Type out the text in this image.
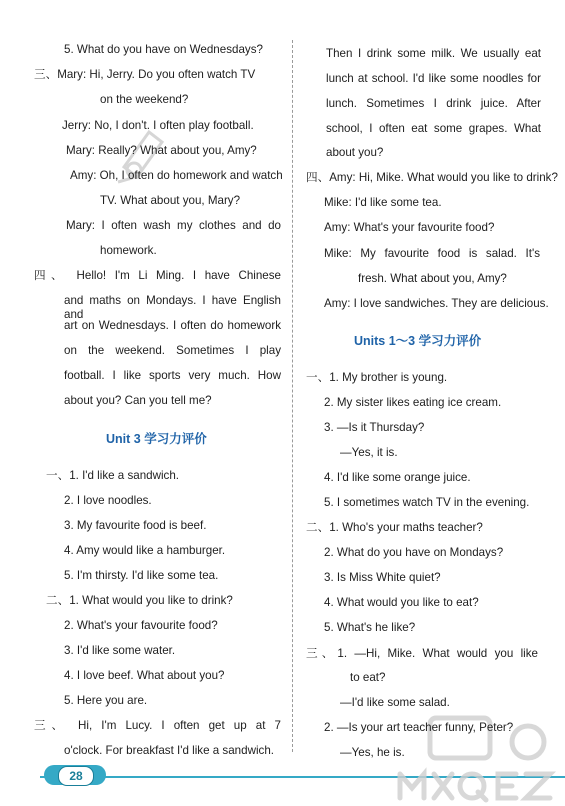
28
5. What do you have on Wednesdays?
三、Mary: Hi, Jerry. Do you often watch TV
on the weekend?
Jerry: No, I don't. I often play football.
Mary: Really? What about you, Amy?
Amy: Oh, I often do homework and watch
TV. What about you, Mary?
Mary: I often wash my clothes and do
homework.
四、 Hello! I'm Li Ming. I have Chinese
and maths on Mondays. I have English and
art on Wednesdays. I often do homework
on the weekend. Sometimes I play
football. I like sports very much. How
about you? Can you tell me?
一、1. I'd like a sandwich.
2. I love noodles.
3. My favourite food is beef.
4. Amy would like a hamburger.
5. I'm thirsty. I'd like some tea.
二、1. What would you like to drink?
2. What's your favourite food?
3. I'd like some water.
4. I love beef. What about you?
5. Here you are.
三、 Hi, I'm Lucy. I often get up at 7
o'clock. For breakfast I'd like a sandwich.
Then I drink some milk. We usually eat
lunch at school. I'd like some noodles for
lunch. Sometimes I drink juice. After
school, I often eat some grapes. What
about you?
四、Amy: Hi, Mike. What would you like to drink?
Mike: I'd like some tea.
Amy: What's your favourite food?
Mike: My favourite food is salad. It's
fresh. What about you, Amy?
Amy: I love sandwiches. They are delicious.
一、1. My brother is young.
2. My sister likes eating ice cream.
3. —Is it Thursday?
—Yes, it is.
4. I'd like some orange juice.
5. I sometimes watch TV in the evening.
二、1. Who's your maths teacher?
2. What do you have on Mondays?
3. Is Miss White quiet?
4. What would you like to eat?
5. What's he like?
三、1. —Hi, Mike. What would you like
to eat?
—I'd like some salad.
2. —Is your art teacher funny, Peter?
—Yes, he is.
Unit 3 学习力评价
Units 1～3 学习力评价
